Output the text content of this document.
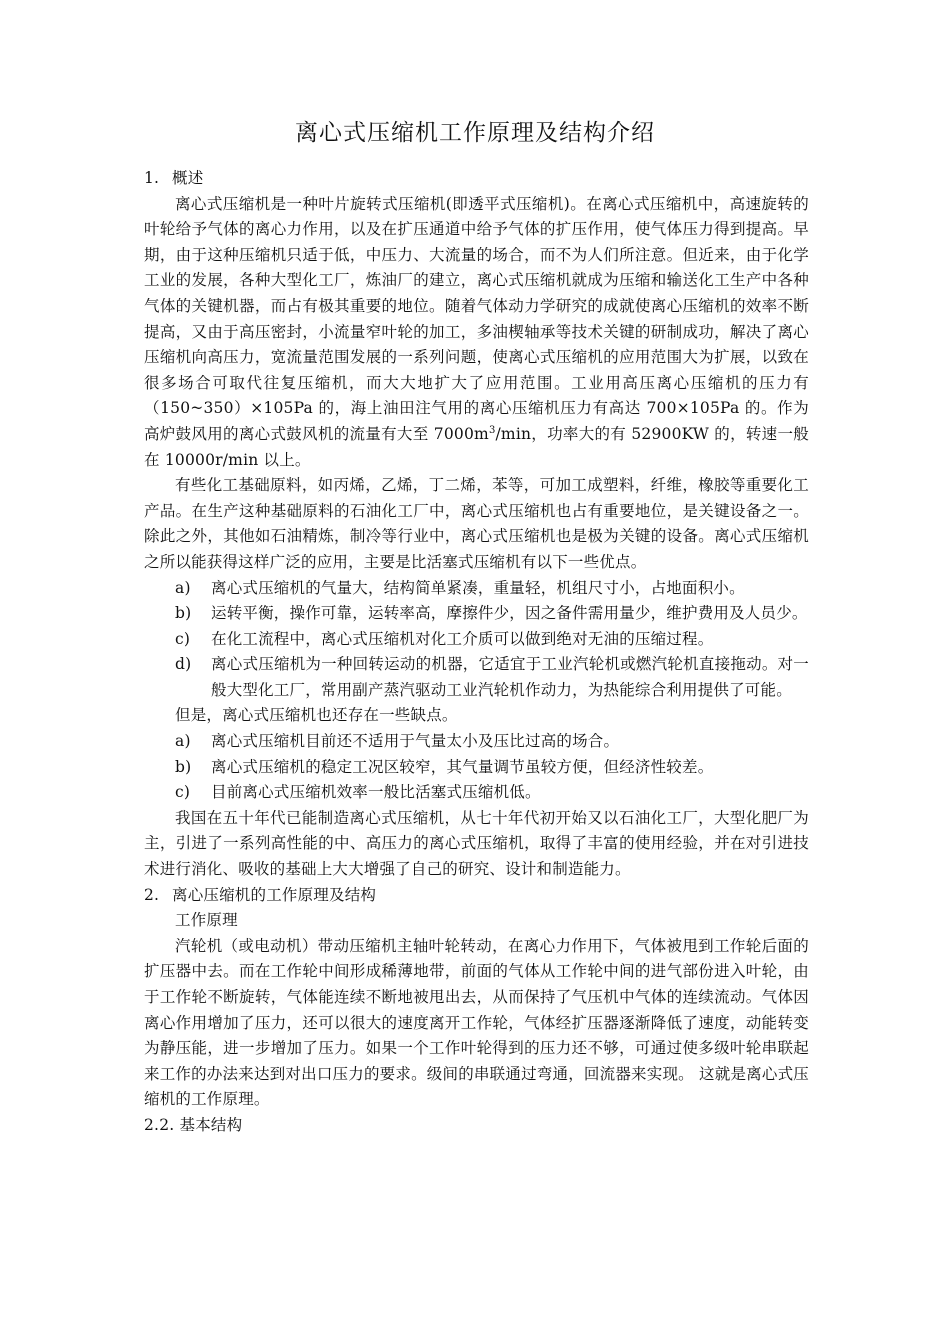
离心式压缩机工作原理及结构介绍
1. 概述
离心式压缩机是一种叶片旋转式压缩机(即透平式压缩机)。在离心式压缩机中，高速旋转的叶轮给予气体的离心力作用，以及在扩压通道中给予气体的扩压作用，使气体压力得到提高。早期，由于这种压缩机只适于低，中压力、大流量的场合，而不为人们所注意。但近来，由于化学工业的发展，各种大型化工厂，炼油厂的建立，离心式压缩机就成为压缩和输送化工生产中各种气体的关键机器，而占有极其重要的地位。随着气体动力学研究的成就使离心压缩机的效率不断提高，又由于高压密封，小流量窄叶轮的加工，多油楔轴承等技术关键的研制成功，解决了离心压缩机向高压力，宽流量范围发展的一系列问题，使离心式压缩机的应用范围大为扩展，以致在很多场合可取代往复压缩机，而大大地扩大了应用范围。工业用高压离心压缩机的压力有（150~350）×105Pa 的，海上油田注气用的离心压缩机压力有高达 700×105Pa 的。作为高炉鼓风用的离心式鼓风机的流量有大至 $7000m^3/\min$，功率大的有 52900KW 的，转速一般在 10000r/min 以上。
有些化工基础原料，如丙烯，乙烯，丁二烯，苯等，可加工成塑料，纤维，橡胶等重要化工产品。在生产这种基础原料的石油化工厂中，离心式压缩机也占有重要地位，是关键设备之一。除此之外，其他如石油精炼，制冷等行业中，离心式压缩机也是极为关键的设备。离心式压缩机之所以能获得这样广泛的应用，主要是比活塞式压缩机有以下一些优点。
a)	离心式压缩机的气量大，结构简单紧凑，重量轻，机组尺寸小，占地面积小。
b)	运转平衡，操作可靠，运转率高，摩擦件少，因之备件需用量少，维护费用及人员少。
c)	在化工流程中，离心式压缩机对化工介质可以做到绝对无油的压缩过程。
d)	离心式压缩机为一种回转运动的机器，它适宜于工业汽轮机或燃汽轮机直接拖动。对一般大型化工厂，常用副产蒸汽驱动工业汽轮机作动力，为热能综合利用提供了可能。
但是，离心式压缩机也还存在一些缺点。
a)	离心式压缩机目前还不适用于气量太小及压比过高的场合。
b)	离心式压缩机的稳定工况区较窄，其气量调节虽较方便，但经济性较差。
c)	目前离心式压缩机效率一般比活塞式压缩机低。
我国在五十年代已能制造离心式压缩机，从七十年代初开始又以石油化工厂，大型化肥厂为主，引进了一系列高性能的中、高压力的离心式压缩机，取得了丰富的使用经验，并在对引进技术进行消化、吸收的基础上大大增强了自己的研究、设计和制造能力。
2. 离心压缩机的工作原理及结构
工作原理
汽轮机（或电动机）带动压缩机主轴叶轮转动，在离心力作用下，气体被甩到工作轮后面的扩压器中去。而在工作轮中间形成稀薄地带，前面的气体从工作轮中间的进气部份进入叶轮，由于工作轮不断旋转，气体能连续不断地被甩出去，从而保持了气压机中气体的连续流动。气体因离心作用增加了压力，还可以很大的速度离开工作轮，气体经扩压器逐渐降低了速度，动能转变为静压能，进一步增加了压力。如果一个工作叶轮得到的压力还不够，可通过使多级叶轮串联起来工作的办法来达到对出口压力的要求。级间的串联通过弯通，回流器来实现。 这就是离心式压缩机的工作原理。
2.2. 基本结构
